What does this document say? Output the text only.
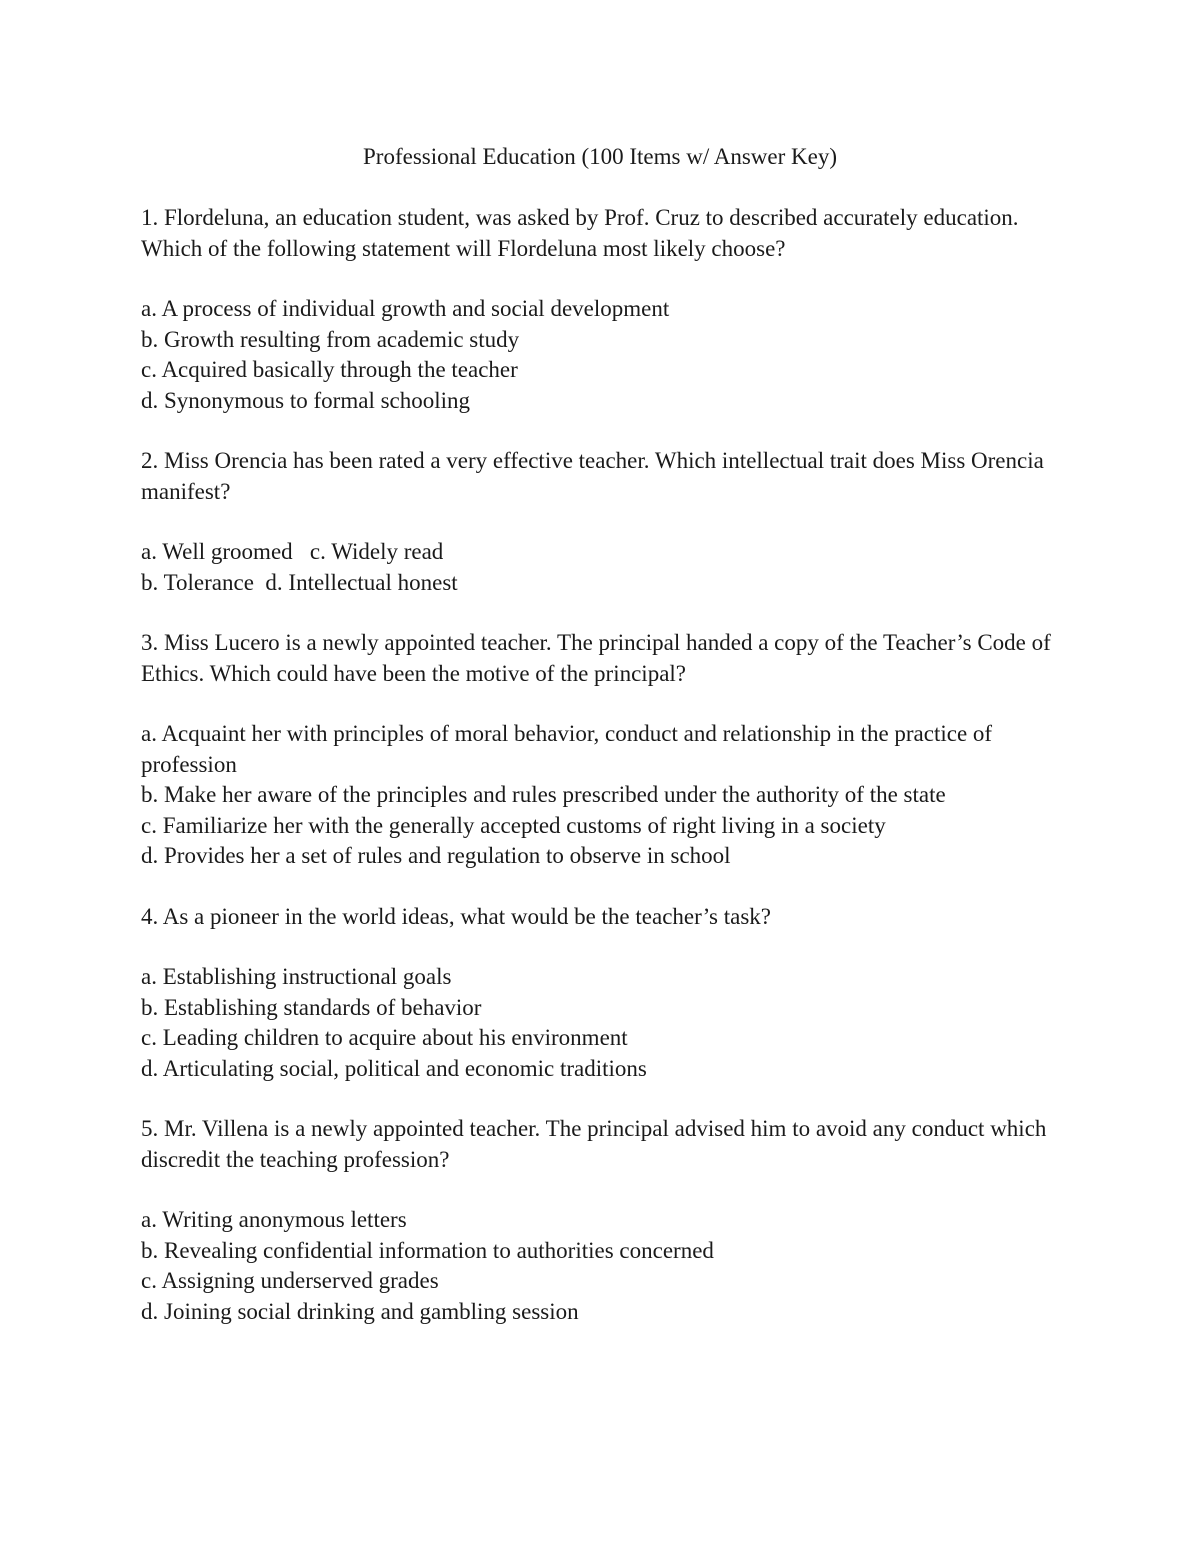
Professional Education (100 Items w/ Answer Key)

1. Flordeluna, an education student, was asked by Prof. Cruz to described accurately education. Which of the following statement will Flordeluna most likely choose?

a. A process of individual growth and social development
b. Growth resulting from academic study
c. Acquired basically through the teacher
d. Synonymous to formal schooling

2. Miss Orencia has been rated a very effective teacher. Which intellectual trait does Miss Orencia manifest?

a. Well groomed   c. Widely read
b. Tolerance  d. Intellectual honest

3. Miss Lucero is a newly appointed teacher. The principal handed a copy of the Teacher’s Code of Ethics. Which could have been the motive of the principal?

a. Acquaint her with principles of moral behavior, conduct and relationship in the practice of profession
b. Make her aware of the principles and rules prescribed under the authority of the state
c. Familiarize her with the generally accepted customs of right living in a society
d. Provides her a set of rules and regulation to observe in school

4. As a pioneer in the world ideas, what would be the teacher’s task?

a. Establishing instructional goals
b. Establishing standards of behavior
c. Leading children to acquire about his environment
d. Articulating social, political and economic traditions

5. Mr. Villena is a newly appointed teacher. The principal advised him to avoid any conduct which discredit the teaching profession?

a. Writing anonymous letters
b. Revealing confidential information to authorities concerned
c. Assigning underserved grades
d. Joining social drinking and gambling session
